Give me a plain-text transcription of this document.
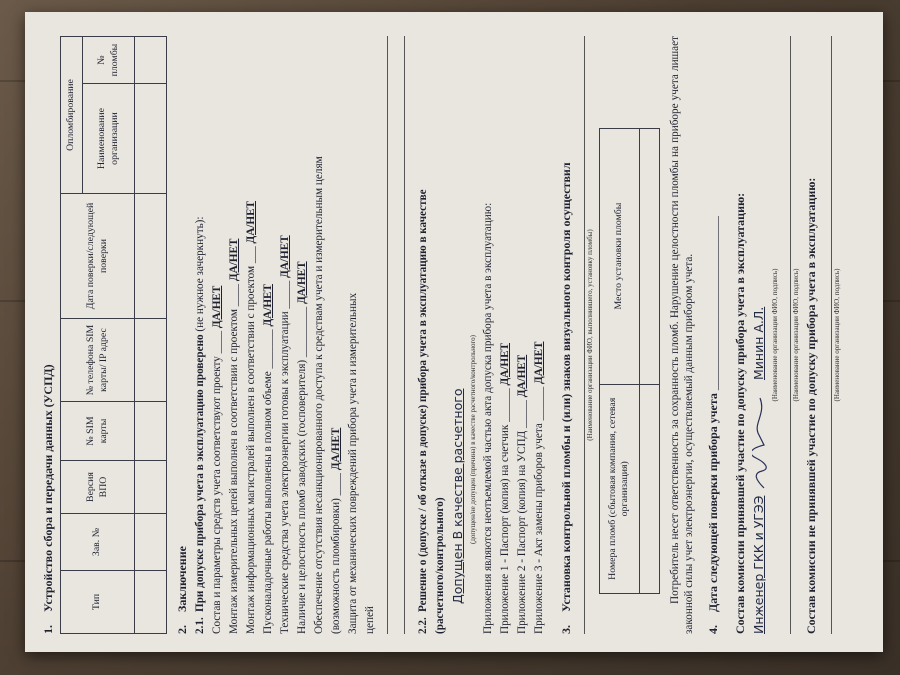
1.Устройство сбора и передачи данных (УСПД)	Тип	Зав. №	Версия ВПО	№ SIM карты	№ телефона SIM карты/ IP адрес	Дата поверки/следующей поверки	Опломбирование	
						Наименование организации	№ пломбы

2.Заключение
2.1.При допуске прибора учета в эксплуатацию проверено (не нужное зачеркнуть):
Состав и параметры средств учета соответствуют проекту ____ ДА/НЕТ
Монтаж измерительных цепей выполнен в соответствии с проектом ____ ДА/НЕТ
Монтаж информационных магистралей выполнен в соответствии с проектом ___ ДА/НЕТ
Пусконаладочные работы выполнены в полном объеме _______ ДА/НЕТ
Технические средства учета электроэнергии готовы к эксплуатации _____ ДА/НЕТ
Наличие и целостность пломб заводских (госповерителя) _________ ДА/НЕТ Обеспечение отсутствия несанкционированного доступа к средствам учета и измерительным целям (возможность пломбировки) ____ ДА/НЕТ Защита от механических повреждений прибора учета и измерительных цепей	2.2.Решение о (допуске / об отказе в допуске) прибора учета в эксплуатацию в качестве (расчетного/контрольного) Допущен В качестве расчетного (допущен/не допущен (причина) в качестве расчетного/контрольного) Приложения являются неотъемлемой частью акта допуска прибора учета в эксплуатацию: Приложение 1 - Паспорт (копия) на счетчик ______ ДА/НЕТ
Приложение 2 - Паспорт (копия) на УСПД _____ ДА/НЕТ
Приложение 3 - Акт замены приборов учета ______ ДА/НЕТ
3.Установка контрольной пломбы и (или) знаков визуального контроля осуществил (Наименование организации ФИО, выполнившего, установку пломбы)
Номера пломб (сбытовая компания, сетевая организация)	Место установки пломбы
		Потребитель несет ответственность за сохранность пломб. Нарушение целостности пломбы на приборе учета лишает законной силы учет электроэнергии, осуществляемый данным прибором учета. 4.Дата следующей поверки прибора учета _____________________________ Состав комиссии принявшей участие по допуску прибора учета в эксплуатацию: Инженер ГКК и УГЭЭ  Минин А.Л. (Наименование организации ФИО, подпись) (Наименование организации ФИО, подпись) Состав комиссии не принявшей участие по допуску прибора учета в эксплуатацию: (Наименование организации ФИО, подпись)
